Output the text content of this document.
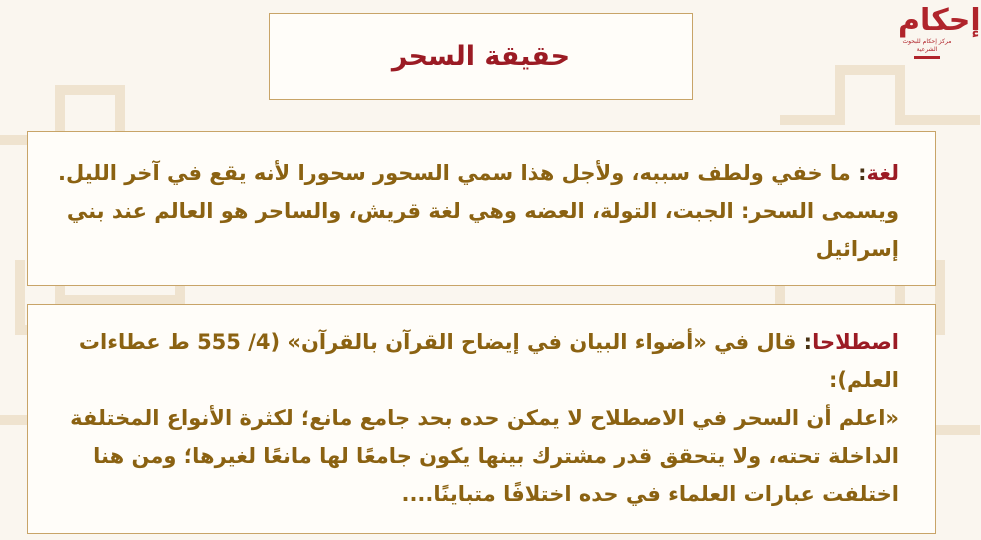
إحكام
مركز إحكام للبحوث الشرعية
حقيقة السحر

لغة: ما خفي ولطف سببه، ولأجل هذا سمي السحور سحورا لأنه يقع في آخر الليل.
ويسمى السحر: الجبت، التولة، العضه وهي لغة قريش، والساحر هو العالم عند بني إسرائيل

اصطلاحا: قال في «أضواء البيان في إيضاح القرآن بالقرآن» (4/ 555 ط عطاءات العلم):
«اعلم أن السحر في الاصطلاح لا يمكن حده بحد جامع مانع؛ لكثرة الأنواع المختلفة الداخلة تحته، ولا يتحقق قدر مشترك بينها يكون جامعًا لها مانعًا لغيرها؛ ومن هنا اختلفت عبارات العلماء في حده اختلافًا متباينًا....
